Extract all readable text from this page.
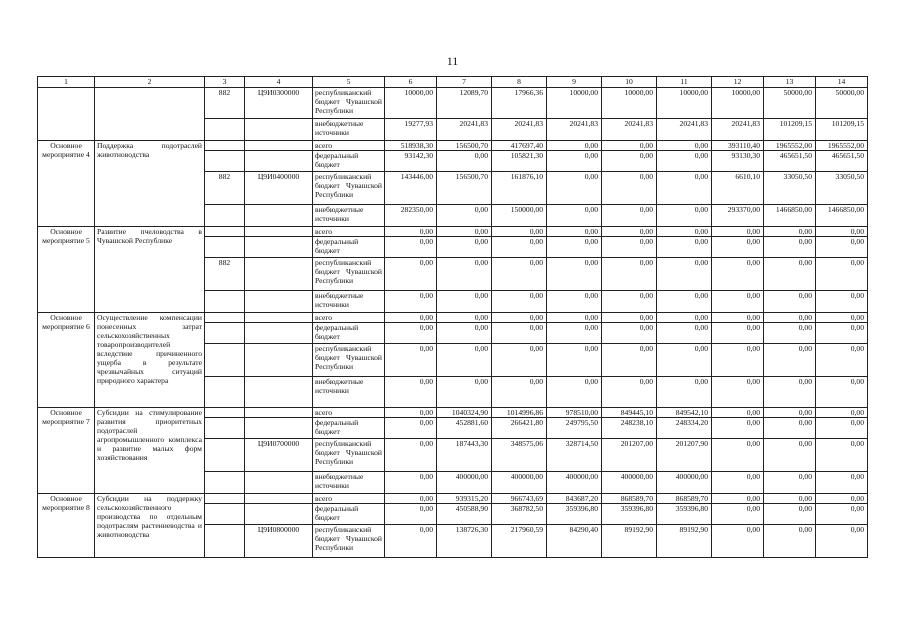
11
1	2	3	4	5	6	7	8	9	10	11	12	13	14
		882	Ц9И0300000	республиканский бюджет Чувашской Республики	10000,00	12089,70	17966,36	10000,00	10000,00	10000,00	10000,00	50000,00	50000,00
				внебюджетные источники	19277,93	20241,83	20241,83	20241,83	20241,83	20241,83	20241,83	101209,15	101209,15
Основное мероприятие 4	Поддержка подотраслей животноводства			всего	518938,30	156500,70	417697,40	0,00	0,00	0,00	393110,40	1965552,00	1965552,00
				федеральный бюджет	93142,30	0,00	105821,30	0,00	0,00	0,00	93130,30	465651,50	465651,50
		882	Ц9И0400000	республиканский бюджет Чувашской Республики	143446,00	156500,70	161876,10	0,00	0,00	0,00	6610,10	33050,50	33050,50
				внебюджетные источники	282350,00	0,00	150000,00	0,00	0,00	0,00	293370,00	1466850,00	1466850,00
Основное мероприятие 5	Развитие пчеловодства в Чувашской Республике			всего	0,00	0,00	0,00	0,00	0,00	0,00	0,00	0,00	0,00
				федеральный бюджет	0,00	0,00	0,00	0,00	0,00	0,00	0,00	0,00	0,00
		882		республиканский бюджет Чувашской Республики	0,00	0,00	0,00	0,00	0,00	0,00	0,00	0,00	0,00
				внебюджетные источники	0,00	0,00	0,00	0,00	0,00	0,00	0,00	0,00	0,00
Основное мероприятие 6	Осуществление компенсации понесенных затрат сельскохозяйственных товаропроизводителей вследствие причиненного ущерба в результате чрезвычайных ситуаций природного характера			всего	0,00	0,00	0,00	0,00	0,00	0,00	0,00	0,00	0,00
				федеральный бюджет	0,00	0,00	0,00	0,00	0,00	0,00	0,00	0,00	0,00
				республиканский бюджет Чувашской Республики	0,00	0,00	0,00	0,00	0,00	0,00	0,00	0,00	0,00
				внебюджетные источники	0,00	0,00	0,00	0,00	0,00	0,00	0,00	0,00	0,00
Основное мероприятие 7	Субсидии на стимулирование развития приоритетных подотраслей агропромышленного комплекса и развитие малых форм хозяйствования			всего	0,00	1040324,90	1014996,86	978510,00	849445,10	849542,10	0,00	0,00	0,00
				федеральный бюджет	0,00	452881,60	266421,80	249795,50	248238,10	248334,20	0,00	0,00	0,00
			Ц9И0700000	республиканский бюджет Чувашской Республики	0,00	187443,30	348575,06	328714,50	201207,00	201207,90	0,00	0,00	0,00
				внебюджетные источники	0,00	400000,00	400000,00	400000,00	400000,00	400000,00	0,00	0,00	0,00
Основное мероприятие 8	Субсидии на поддержку сельскохозяйственного производства по отдельным подотраслям растениеводства и животноводства			всего	0,00	939315,20	966743,69	843687,20	868589,70	868589,70	0,00	0,00	0,00
				федеральный бюджет	0,00	450588,90	368782,50	359396,80	359396,80	359396,80	0,00	0,00	0,00
			Ц9И0800000	республиканский бюджет Чувашской Республики	0,00	138726,30	217960,59	84290,40	89192,90	89192,90	0,00	0,00	0,00
